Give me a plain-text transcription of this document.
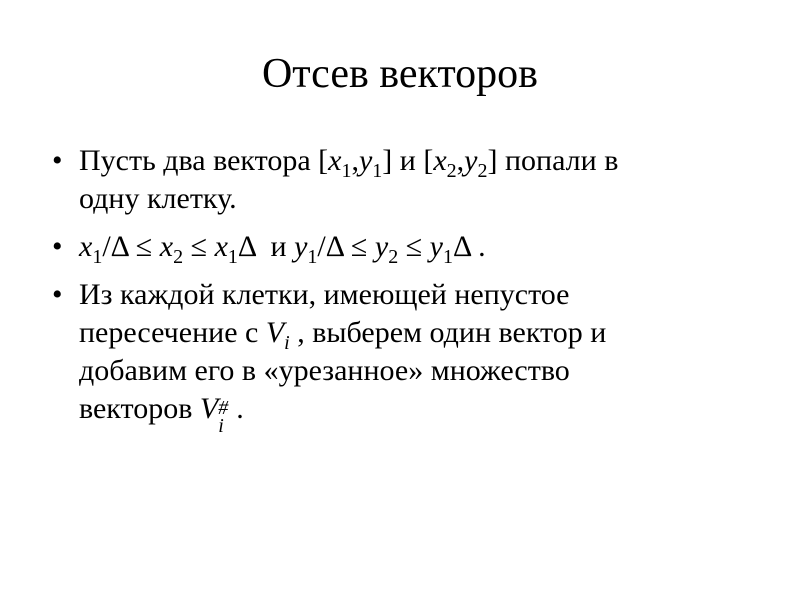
Отсев векторов
• Пусть два вектора $[x_1,y_1]$ и $[x_2,y_2]$ попали в
одну клетку.
• $x_1/\Delta \le x_2 \le x_1\Delta$  и $y_1/\Delta \le y_2 \le y_1\Delta$ .
• Из каждой клетки, имеющей непустое
пересечение с $V_i$ , выберем один вектор и
добавим его в «урезанное» множество
векторов V #
i
.
